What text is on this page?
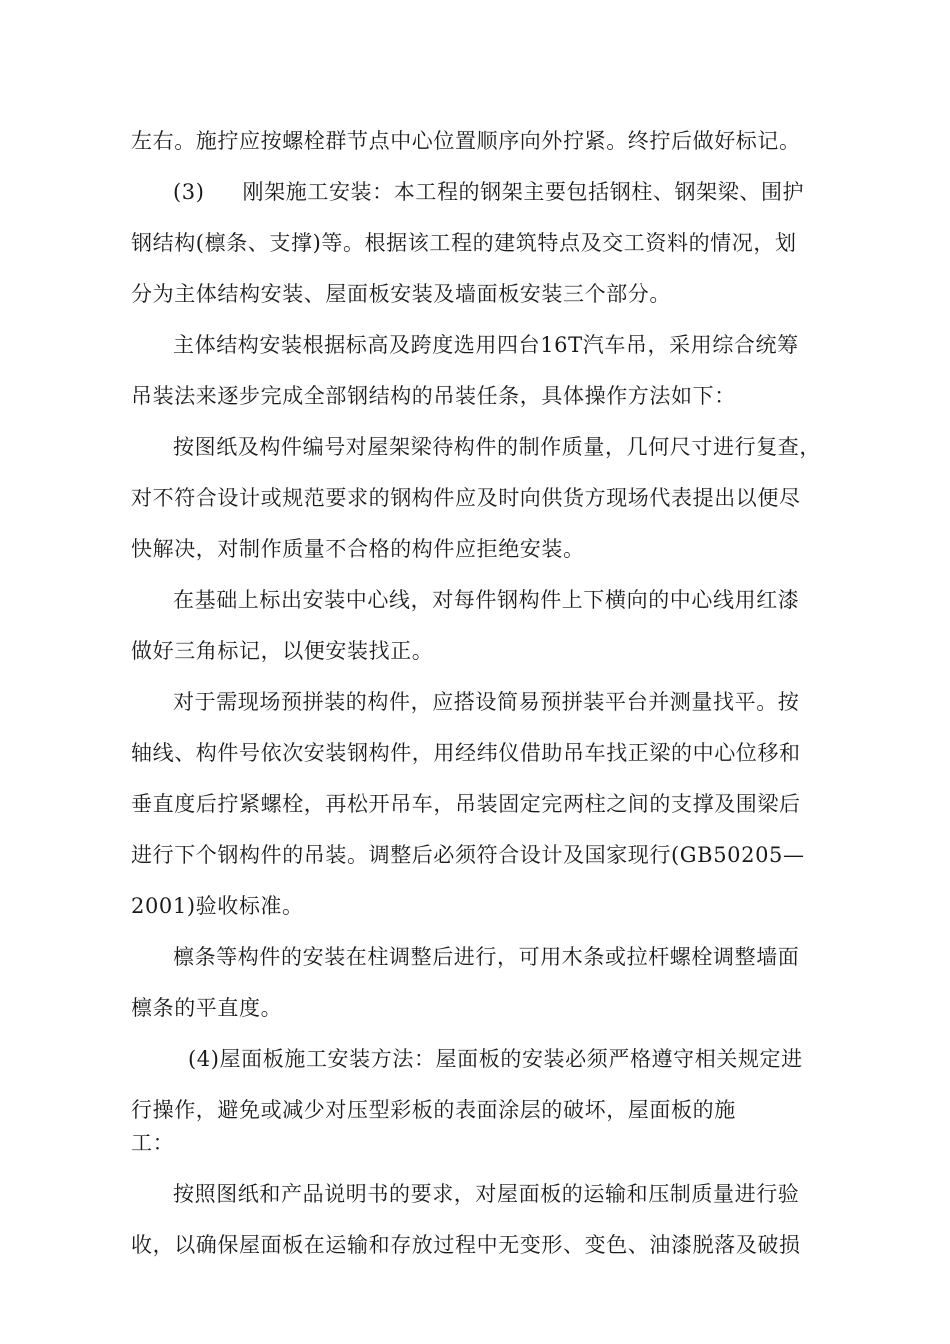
左右。施拧应按螺栓群节点中心位置顺序向外拧紧。终拧后做好标记。
(3) 刚架施工安装：本工程的钢架主要包括钢柱、钢架梁、围护
钢结构(檩条、支撑)等。根据该工程的建筑特点及交工资料的情况，划
分为主体结构安装、屋面板安装及墙面板安装三个部分。
主体结构安装根据标高及跨度选用四台16T汽车吊，采用综合统筹
吊装法来逐步完成全部钢结构的吊装任条，具体操作方法如下：
按图纸及构件编号对屋架梁待构件的制作质量，几何尺寸进行复查，
对不符合设计或规范要求的钢构件应及时向供货方现场代表提出以便尽
快解决，对制作质量不合格的构件应拒绝安装。
在基础上标出安装中心线，对每件钢构件上下横向的中心线用红漆
做好三角标记，以便安装找正。
对于需现场预拼装的构件，应搭设简易预拼装平台并测量找平。按
轴线、构件号依次安装钢构件，用经纬仪借助吊车找正梁的中心位移和
垂直度后拧紧螺栓，再松开吊车，吊装固定完两柱之间的支撑及围梁后
进行下个钢构件的吊装。调整后必须符合设计及国家现行(GB50205—
2001)验收标准。
檩条等构件的安装在柱调整后进行，可用木条或拉杆螺栓调整墙面
檩条的平直度。
(4)屋面板施工安装方法：屋面板的安装必须严格遵守相关规定进
行操作，避免或减少对压型彩板的表面涂层的破坏，屋面板的施
工：
按照图纸和产品说明书的要求，对屋面板的运输和压制质量进行验
收，以确保屋面板在运输和存放过程中无变形、变色、油漆脱落及破损
